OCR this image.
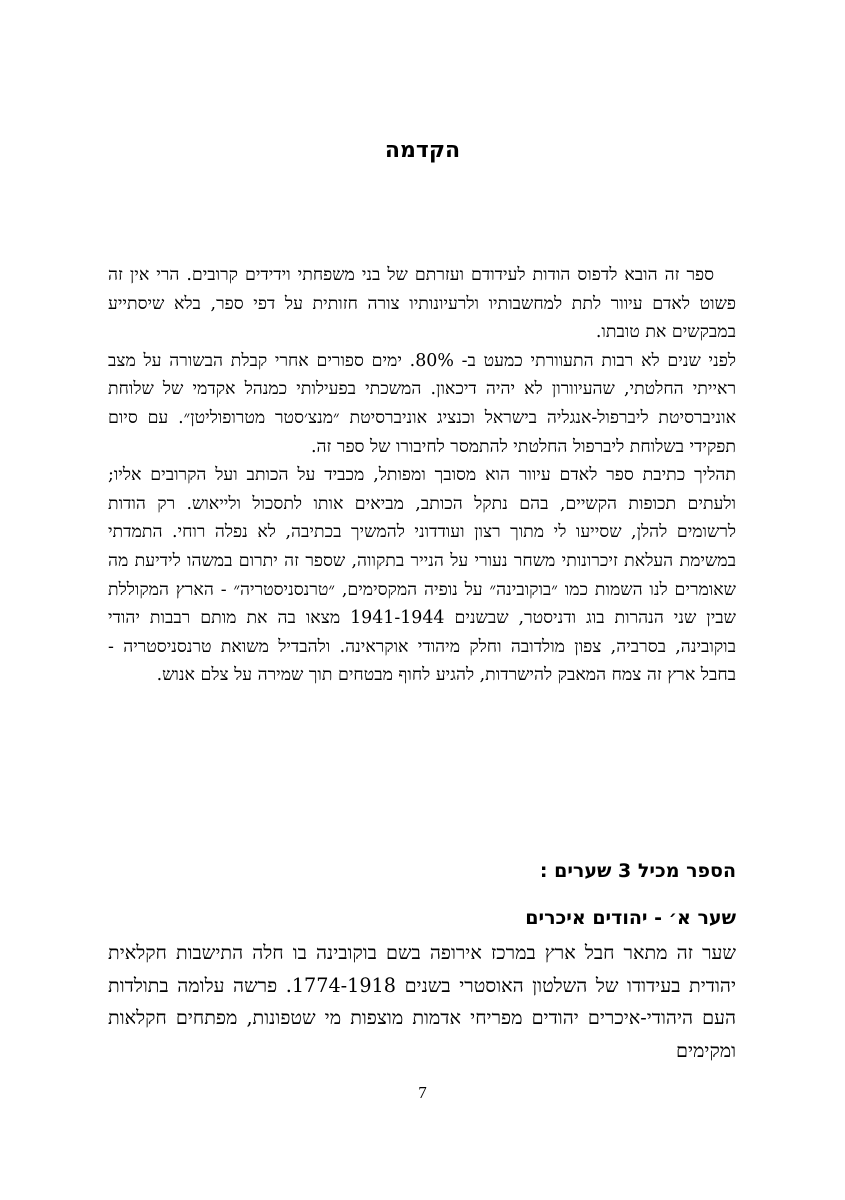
הקדמה
ספר זה הובא לדפוס הודות לעידודם ועזרתם של בני משפחתי וידידים קרובים. הרי אין זה פשוט לאדם עיוור לתת למחשבותיו ולרעיונותיו צורה חזותית על דפי ספר, בלא שיסתייע במבקשים את טובתו.
לפני שנים לא רבות התעוורתי כמעט ב- 80%. ימים ספורים אחרי קבלת הבשורה על מצב ראייתי החלטתי, שהעיוורון לא יהיה דיכאון. המשכתי בפעילותי כמנהל אקדמי של שלוחת אוניברסיטת ליברפול-אנגליה בישראל וכנציג אוניברסיטת ״מנצ׳סטר מטרופוליטן״. עם סיום תפקידי בשלוחת ליברפול החלטתי להתמסר לחיבורו של ספר זה.
תהליך כתיבת ספר לאדם עיוור הוא מסובך ומפותל, מכביד על הכותב ועל הקרובים אליו; ולעתים תכופות הקשיים, בהם נתקל הכותב, מביאים אותו לתסכול ולייאוש. רק הודות לרשומים להלן, שסייעו לי מתוך רצון ועודדוני להמשיך בכתיבה, לא נפלה רוחי. התמדתי במשימת העלאת זיכרונותי משחר נעורי על הנייר בתקווה, שספר זה יתרום במשהו לידיעת מה שאומרים לנו השמות כמו ״בוקובינה״ על נופיה המקסימים, ״טרנסניסטריה״ - הארץ המקוללת שבין שני הנהרות בוג ודניסטר, שבשנים 1941-1944 מצאו בה את מותם רבבות יהודי בוקובינה, בסרביה, צפון מולדובה וחלק מיהודי אוקראינה. ולהבדיל משואת טרנסניסטריה - בחבל ארץ זה צמח המאבק להישרדות, להגיע לחוף מבטחים תוך שמירה על צלם אנוש.
הספר מכיל 3 שערים :
שער א׳ - יהודים איכרים

שער זה מתאר חבל ארץ במרכז אירופה בשם בוקובינה בו חלה התישבות חקלאית יהודית בעידודו של השלטון האוסטרי בשנים 1774-1918. פרשה עלומה בתולדות העם היהודי-איכרים יהודים מפריחי אדמות מוצפות מי שטפונות, מפתחים חקלאות ומקימים

7
